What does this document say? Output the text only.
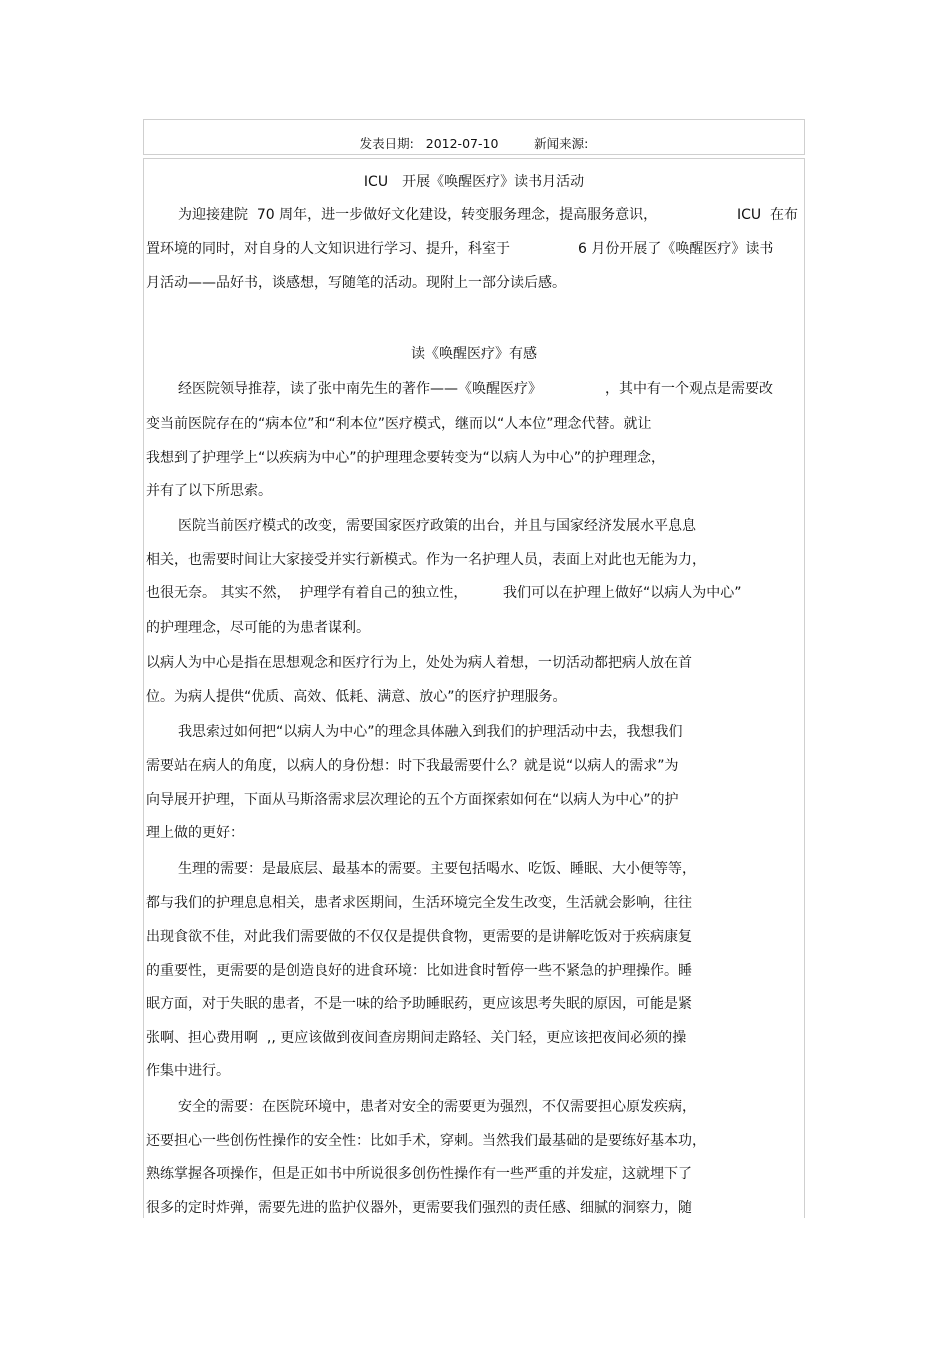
发表日期: 2012-07-10	新闻来源:
ICU　开展《唤醒医疗》读书月活动
为迎接建院  70 周年，进一步做好文化建设，转变服务理念，提高服务意识，	ICU  在布
置环境的同时，对自身的人文知识进行学习、提升，科室于	6 月份开展了《唤醒医疗》读书
月活动——品好书，谈感想，写随笔的活动。现附上一部分读后感。
读《唤醒医疗》有感
经医院领导推荐，读了张中南先生的著作——《唤醒医疗》	，其中有一个观点是需要改
变当前医院存在的“病本位”和“利本位”医疗模式，继而以“人本位”理念代替。就让
我想到了护理学上“以疾病为中心”的护理理念要转变为“以病人为中心”的护理理念，
并有了以下所思索。
医院当前医疗模式的改变，需要国家医疗政策的出台，并且与国家经济发展水平息息
相关，也需要时间让大家接受并实行新模式。作为一名护理人员，表面上对此也无能为力，
也很无奈。 其实不然，  护理学有着自己的独立性，	我们可以在护理上做好“以病人为中心”
的护理理念，尽可能的为患者谋利。
以病人为中心是指在思想观念和医疗行为上，处处为病人着想，一切活动都把病人放在首
位。为病人提供“优质、高效、低耗、满意、放心”的医疗护理服务。
我思索过如何把“以病人为中心”的理念具体融入到我们的护理活动中去，我想我们
需要站在病人的角度，以病人的身份想：时下我最需要什么？就是说“以病人的需求”为
向导展开护理，下面从马斯洛需求层次理论的五个方面探索如何在“以病人为中心”的护
理上做的更好：
生理的需要：是最底层、最基本的需要。主要包括喝水、吃饭、睡眠、大小便等等，
都与我们的护理息息相关，患者求医期间，生活环境完全发生改变，生活就会影响，往往
出现食欲不佳，对此我们需要做的不仅仅是提供食物，更需要的是讲解吃饭对于疾病康复
的重要性，更需要的是创造良好的进食环境：比如进食时暂停一些不紧急的护理操作。睡
眠方面，对于失眠的患者，不是一味的给予助睡眠药，更应该思考失眠的原因，可能是紧
张啊、担心费用啊  ,, 更应该做到夜间查房期间走路轻、关门轻，更应该把夜间必须的操
作集中进行。
安全的需要：在医院环境中，患者对安全的需要更为强烈，不仅需要担心原发疾病，
还要担心一些创伤性操作的安全性：比如手术，穿刺。当然我们最基础的是要练好基本功，
熟练掌握各项操作，但是正如书中所说很多创伤性操作有一些严重的并发症，这就埋下了
很多的定时炸弹，需要先进的监护仪器外，更需要我们强烈的责任感、细腻的洞察力，随
